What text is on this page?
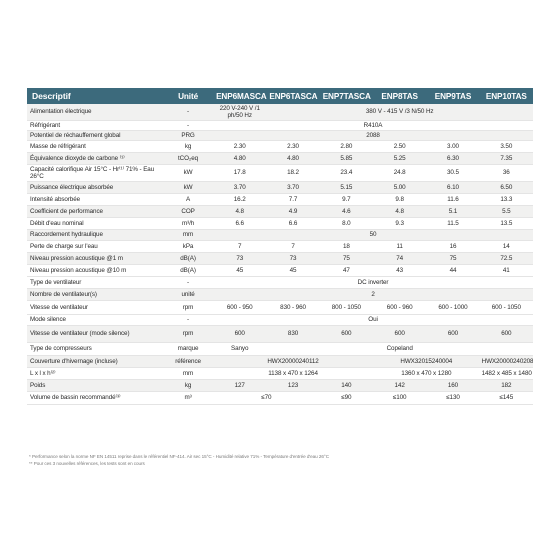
Descriptif	Unité	ENP6MASCA	ENP6TASCA	ENP7TASCA	ENP8TAS	ENP9TAS	ENP10TAS
Alimentation électrique	-	220 V-240 V /1 ph/50 Hz	380 V - 415 V /3 N/50 Hz				
Réfrigérant	-	R410A					
Potentiel de réchauffement global	PRG	2088					
Masse de réfrigérant	kg	2.30	2.30	2.80	2.50	3.00	3.50
Équivalence dioxyde de carbone ⁽¹⁾	tCO₂eq	4.80	4.80	5.85	5.25	6.30	7.35
Capacité calorifique Air 15°C - Hr⁽¹⁾ 71% - Eau 26°C	kW	17.8	18.2	23.4	24.8	30.5	36
Puissance électrique absorbée	kW	3.70	3.70	5.15	5.00	6.10	6.50
Intensité absorbée	A	16.2	7.7	9.7	9.8	11.6	13.3
Coefficient de performance	COP	4.8	4.9	4.6	4.8	5.1	5.5
Débit d'eau nominal	m³/h	6.6	6.6	8.0	9.3	11.5	13.5
Raccordement hydraulique	mm	50					
Perte de charge sur l'eau	kPa	7	7	18	11	16	14
Niveau pression acoustique @1 m	dB(A)	73	73	75	74	75	72.5
Niveau pression acoustique @10 m	dB(A)	45	45	47	43	44	41
Type de ventilateur	-	DC inverter					
Nombre de ventilateur(s)	unité	2					
Vitesse de ventilateur	rpm	600 - 950	830 - 960	800 - 1050	600 - 960	600 - 1000	600 - 1050
Mode silence	-	Oui					
Vitesse de ventilateur (mode silence)	rpm	600	830	600	600	600	600
Type de compresseurs	marque	Sanyo	Copeland				
Couverture d'hivernage (incluse)	référence	HWX20000240112			HWX32015240004		HWX20000240208
L x l x h⁽²⁾	mm	1138 x 470 x 1264			1360 x 470 x 1280		1482 x 485 x 1480
Poids	kg	127	123	140	142	160	182
Volume de bassin recommandé⁽³⁾	m³	≤70		≤90	≤100	≤130	≤145

* Performance selon la norme NF EN 14511 reprise dans le référentiel NF-414. Air sec 15°C - Humidité relative 71% - Température d'entrée d'eau 26°C

** Pour ces 3 nouvelles références, les tests sont en cours
